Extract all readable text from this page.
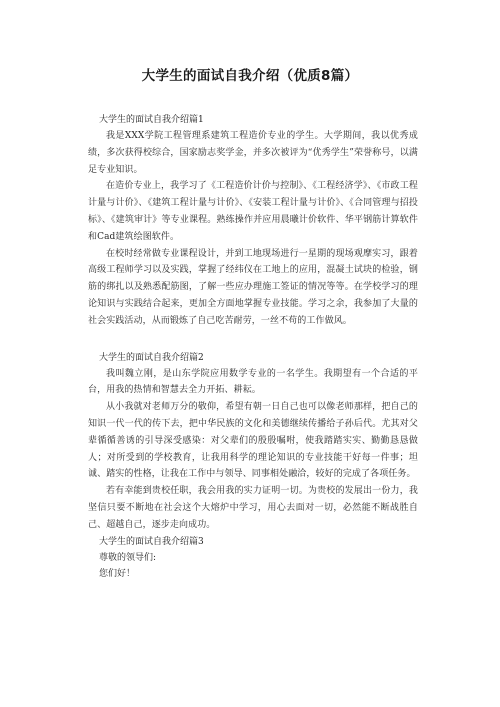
大学生的面试自我介绍（优质8篇）
大学生的面试自我介绍篇1

我是XXX学院工程管理系建筑工程造价专业的学生。大学期间，我以优秀成绩，多次获得校综合，国家励志奖学金，并多次被评为“优秀学生”荣誉称号，以满足专业知识。

在造价专业上，我学习了《工程造价计价与控制》、《工程经济学》、《市政工程计量与计价》、《建筑工程计量与计价》、《安装工程计量与计价》、《合同管理与招投标》、《建筑审计》等专业课程。熟练操作并应用晨曦计价软件、华平钢筋计算软件和Cad建筑绘图软件。

在校时经常做专业课程设计，并到工地现场进行一星期的现场观摩实习，跟着高级工程师学习以及实践，掌握了经纬仪在工地上的应用，混凝土试块的检验，钢筋的绑扎以及熟悉配筋图，了解一些应办理施工签证的情况等等。在学校学习的理论知识与实践结合起来，更加全方面地掌握专业技能。学习之余，我参加了大量的社会实践活动，从而锻炼了自己吃苦耐劳，一丝不苟的工作做风。

大学生的面试自我介绍篇2

我叫魏立刚，是山东学院应用数学专业的一名学生。我期望有一个合适的平台，用我的热情和智慧去全力开拓、耕耘。

从小我就对老师万分的敬仰，希望有朝一日自己也可以像老师那样，把自己的知识一代一代的传下去，把中华民族的文化和美德继续传播给子孙后代。尤其对父辈循循善诱的引导深受感染：对父辈们的殷殷嘱咐，使我踏踏实实、勤勤恳恳做人；对所受到的学校教育，让我用科学的理论知识的专业技能干好每一件事；坦诚、踏实的性格，让我在工作中与领导、同事相处融洽，较好的完成了各项任务。

若有幸能到贵校任职，我会用我的实力证明一切。为贵校的发展出一份力，我坚信只要不断地在社会这个大熔炉中学习，用心去面对一切，必然能不断战胜自己、超越自己，逐步走向成功。

大学生的面试自我介绍篇3

尊敬的领导们:

您们好！
